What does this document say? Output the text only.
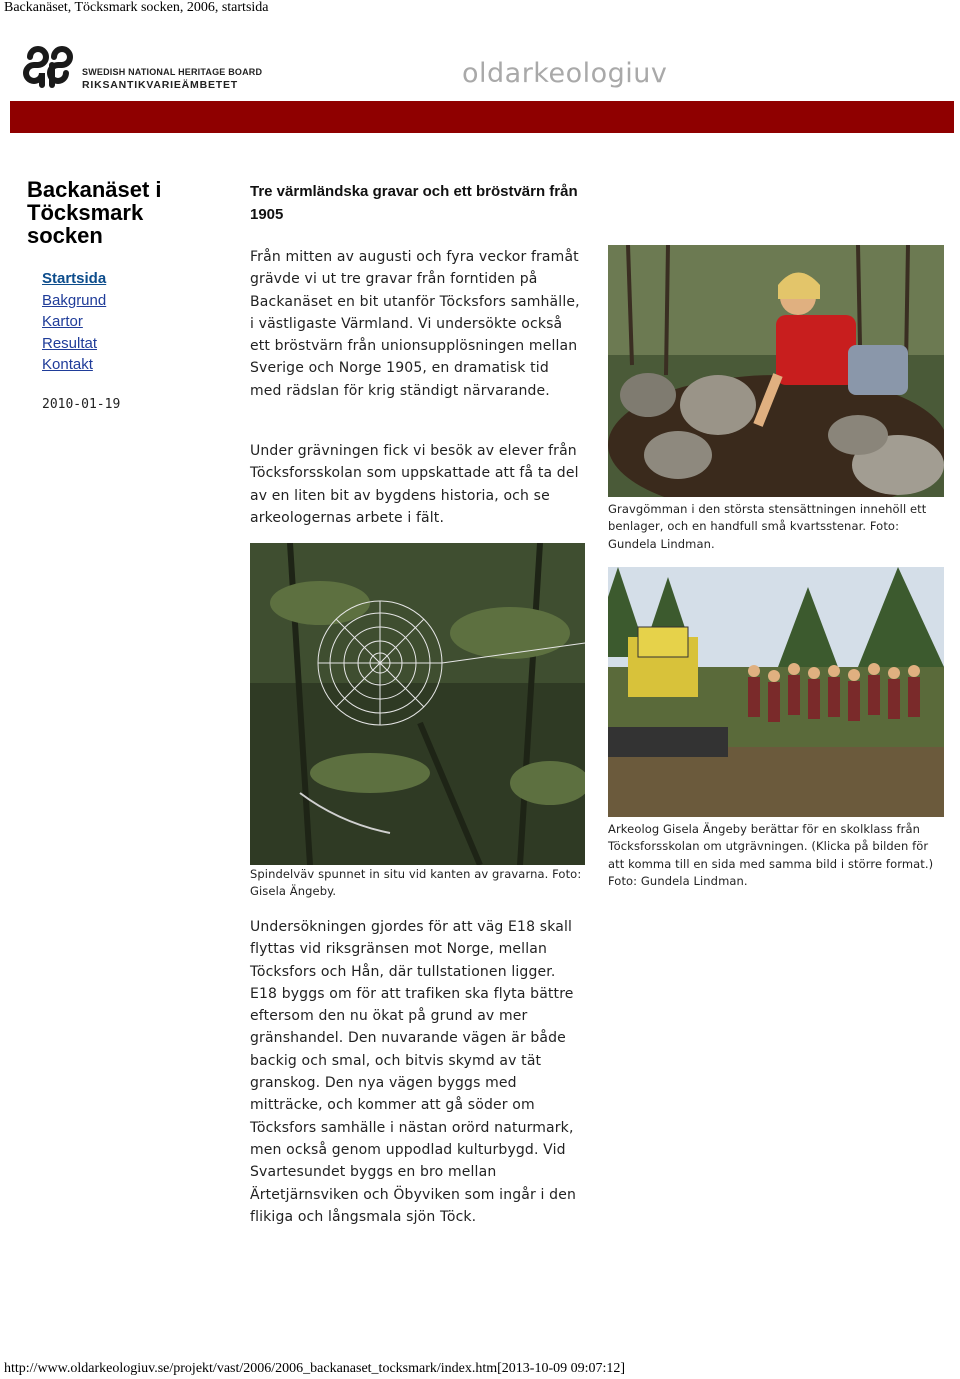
Backanäset, Töcksmark socken, 2006, startsida
SWEDISH NATIONAL HERITAGE BOARD
RIKSANTIKVARIEÄMBETET	oldarkeologiuv
Backanäset i Töcksmark socken
Startsida
Bakgrund
Kartor
Resultat
Kontakt
2010-01-19
Tre värmländska gravar och ett bröstvärn från 1905
Från mitten av augusti och fyra veckor framåt grävde vi ut tre gravar från forntiden på Backanäset en bit utanför Töcksfors samhälle, i västligaste Värmland. Vi undersökte också ett bröstvärn från unionsupplösningen mellan Sverige och Norge 1905, en dramatisk tid med rädslan för krig ständigt närvarande.
Under grävningen fick vi besök av elever från Töcksforsskolan som uppskattade att få ta del av en liten bit av bygdens historia, och se arkeologernas arbete i fält.
Undersökningen gjordes för att väg E18 skall flyttas vid riksgränsen mot Norge, mellan Töcksfors och Hån, där tullstationen ligger. E18 byggs om för att trafiken ska flyta bättre eftersom den nu ökat på grund av mer gränshandel. Den nuvarande vägen är både backig och smal, och bitvis skymd av tät granskog. Den nya vägen byggs med mitträcke, och kommer att gå söder om Töcksfors samhälle i nästan orörd naturmark, men också genom uppodlad kulturbygd. Vid Svartesundet byggs en bro mellan Ärtetjärnsviken och Öbyviken som ingår i den flikiga och långsmala sjön Töck.
Gravgömman i den största stensättningen innehöll ett benlager, och en handfull små kvartsstenar. Foto: Gundela Lindman.
Spindelväv spunnet in situ vid kanten av gravarna. Foto: Gisela Ängeby.
Arkeolog Gisela Ängeby berättar för en skolklass från Töcksforsskolan om utgrävningen. (Klicka på bilden för att komma till en sida med samma bild i större format.) Foto: Gundela Lindman.
http://www.oldarkeologiuv.se/projekt/vast/2006/2006_backanaset_tocksmark/index.htm[2013-10-09 09:07:12]
